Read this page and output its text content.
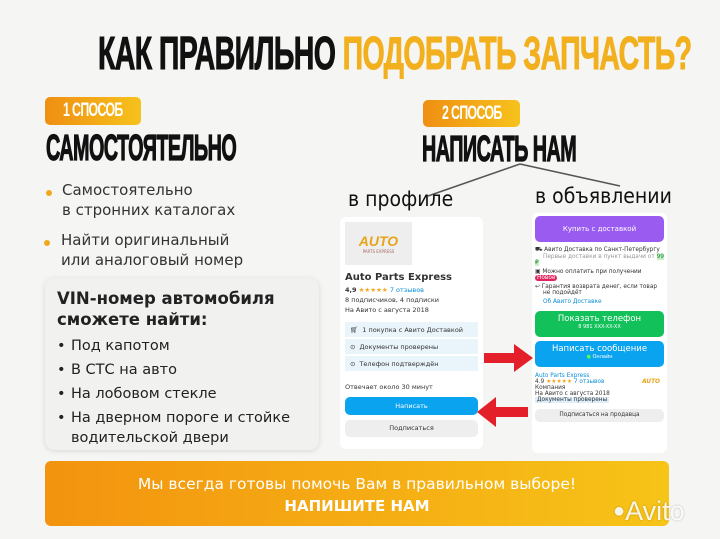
КАК ПРАВИЛЬНО ПОДОБРАТЬ ЗАПЧАСТЬ?
1 СПОСОБ
САМОСТОЯТЕЛЬНО
Самостоятельно
в стронних каталогах
Найти оригинальный
или аналоговый номер
VIN-номер автомобиля
сможете найти:
• Под капотом
• В СТС на авто
• На лобовом стекле
• На дверном пороге и стойке
водительской двери
2 СПОСОБ
НАПИСАТЬ НАМ
в профиле	в объявлении
AUTO
PARTS EXPRESS
Auto Parts Express
4,9 ★★★★★ 7 отзывов
8 подписчиков, 4 подписки
На Авито с августа 2018
🛒︎ 1 покупка с Авито Доставкой
⊙ Документы проверены
⊙ Телефон подтверждён
Отвечает около 30 минут
Написать
Подписаться
Купить с доставкой
⛟ Авито Доставка по Санкт-Петербургу
Первые доставки в пункт выдачи от 99 ₽
▣ Можно оплатить при получении Новое
↩ Гарантия возврата денег, если товар не подойдёт
Об Авито Доставке
Показать телефон
8 981 XXX-XX-XX
Написать сообщение
● Онлайн
Auto Parts Express
4.9 ★★★★★ 7 отзывов
Компания
На Авито с августа 2018
Документы проверены
AUTO
Подписаться на продавца
Мы всегда готовы помочь Вам в правильном выборе!
НАПИШИТЕ НАМ	● Avito
